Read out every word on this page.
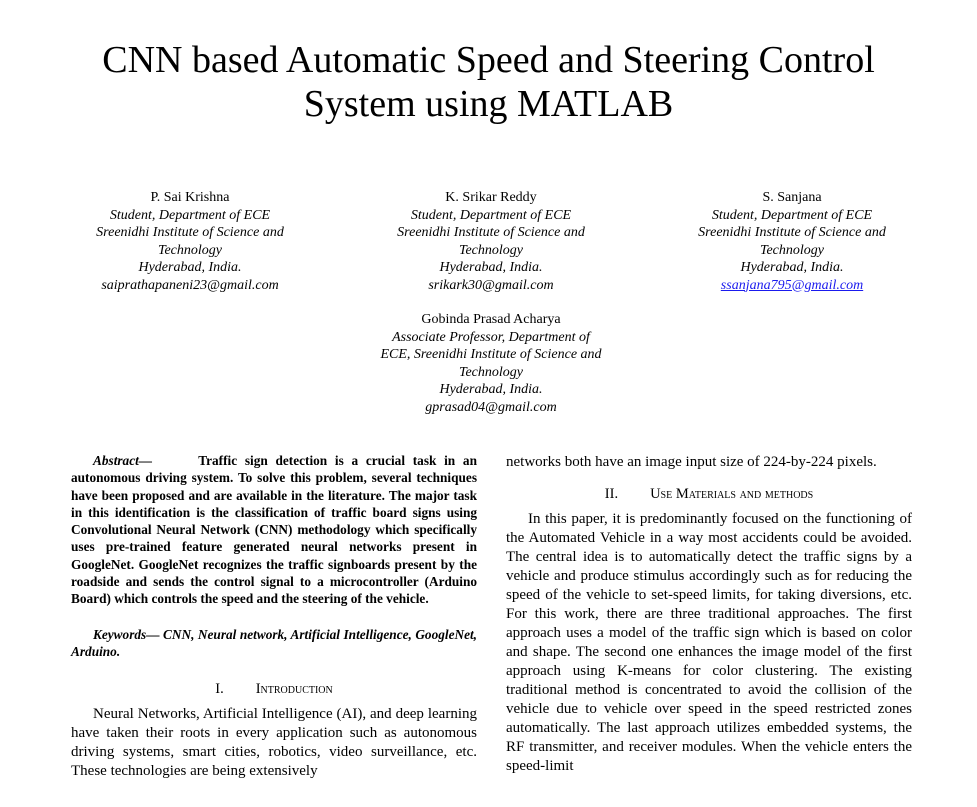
CNN based Automatic Speed and Steering Control
System using MATLAB
P. Sai Krishna
Student, Department of ECE
Sreenidhi Institute of Science and
Technology
Hyderabad, India.
saiprathapaneni23@gmail.com
K. Srikar Reddy
Student, Department of ECE
Sreenidhi Institute of Science and
Technology
Hyderabad, India.
srikark30@gmail.com
S. Sanjana
Student, Department of ECE
Sreenidhi Institute of Science and
Technology
Hyderabad, India.
ssanjana795@gmail.com
Gobinda Prasad Acharya
Associate Professor, Department of
ECE, Sreenidhi Institute of Science and
Technology
Hyderabad, India.
gprasad04@gmail.com

Abstract—	Traffic sign detection is a crucial task in an autonomous driving system. To solve this problem, several techniques have been proposed and are available in the literature. The major task in this identification is the classification of traffic board signs using Convolutional Neural Network (CNN) methodology which specifically uses pre-trained feature generated neural networks present in GoogleNet. GoogleNet recognizes the traffic signboards present by the roadside and sends the control signal to a microcontroller (Arduino Board) which controls the speed and the steering of the vehicle.

Keywords— CNN, Neural network, Artificial Intelligence, GoogleNet, Arduino.

I. Introduction

Neural Networks, Artificial Intelligence (AI), and deep learning have taken their roots in every application such as autonomous driving systems, smart cities, robotics, video surveillance, etc. These technologies are being extensively

networks both have an image input size of 224-by-224 pixels.

II. Use Materials and methods

In this paper, it is predominantly focused on the functioning of the Automated Vehicle in a way most accidents could be avoided. The central idea is to automatically detect the traffic signs by a vehicle and produce stimulus accordingly such as for reducing the speed of the vehicle to set-speed limits, for taking diversions, etc. For this work, there are three traditional approaches. The first approach uses a model of the traffic sign which is based on color and shape. The second one enhances the image model of the first approach using K-means for color clustering. The existing traditional method is concentrated to avoid the collision of the vehicle due to vehicle over speed in the speed restricted zones automatically. The last approach utilizes embedded systems, the RF transmitter, and receiver modules. When the vehicle enters the speed-limit
